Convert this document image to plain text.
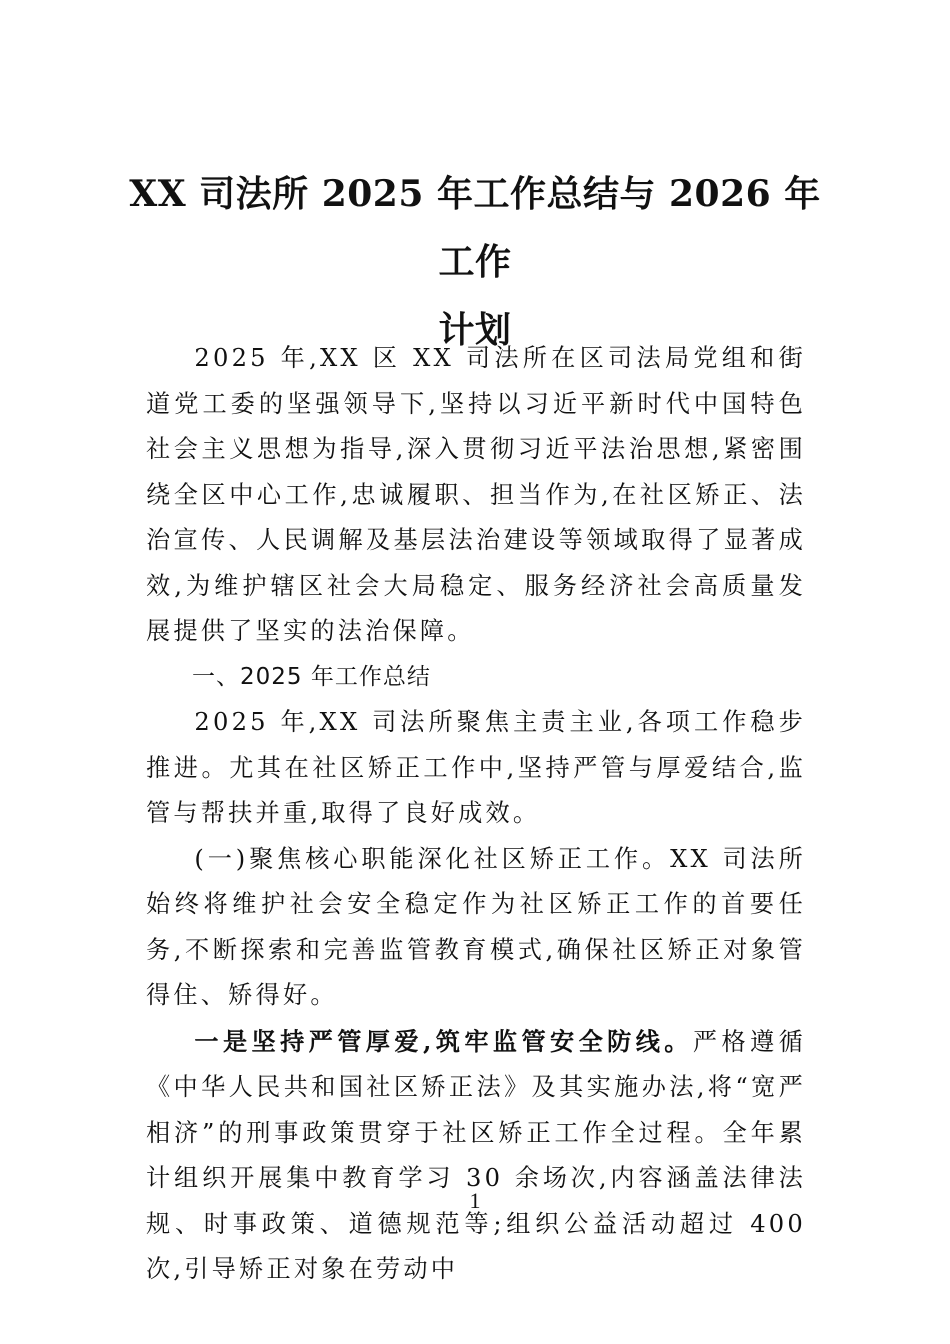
XX 司法所 2025 年工作总结与 2026 年工作
计划

2025 年,XX 区 XX 司法所在区司法局党组和街道党工委的坚强领导下,坚持以习近平新时代中国特色社会主义思想为指导,深入贯彻习近平法治思想,紧密围绕全区中心工作,忠诚履职、担当作为,在社区矫正、法治宣传、人民调解及基层法治建设等领域取得了显著成效,为维护辖区社会大局稳定、服务经济社会高质量发展提供了坚实的法治保障。

一、2025 年工作总结

2025 年,XX 司法所聚焦主责主业,各项工作稳步推进。尤其在社区矫正工作中,坚持严管与厚爱结合,监管与帮扶并重,取得了良好成效。

(一)聚焦核心职能深化社区矫正工作。XX 司法所始终将维护社会安全稳定作为社区矫正工作的首要任务,不断探索和完善监管教育模式,确保社区矫正对象管得住、矫得好。

一是坚持严管厚爱,筑牢监管安全防线。严格遵循《中华人民共和国社区矫正法》及其实施办法,将“宽严相济”的刑事政策贯穿于社区矫正工作全过程。全年累计组织开展集中教育学习 30 余场次,内容涵盖法律法规、时事政策、道德规范等;组织公益活动超过 400 次,引导矫正对象在劳动中

1
